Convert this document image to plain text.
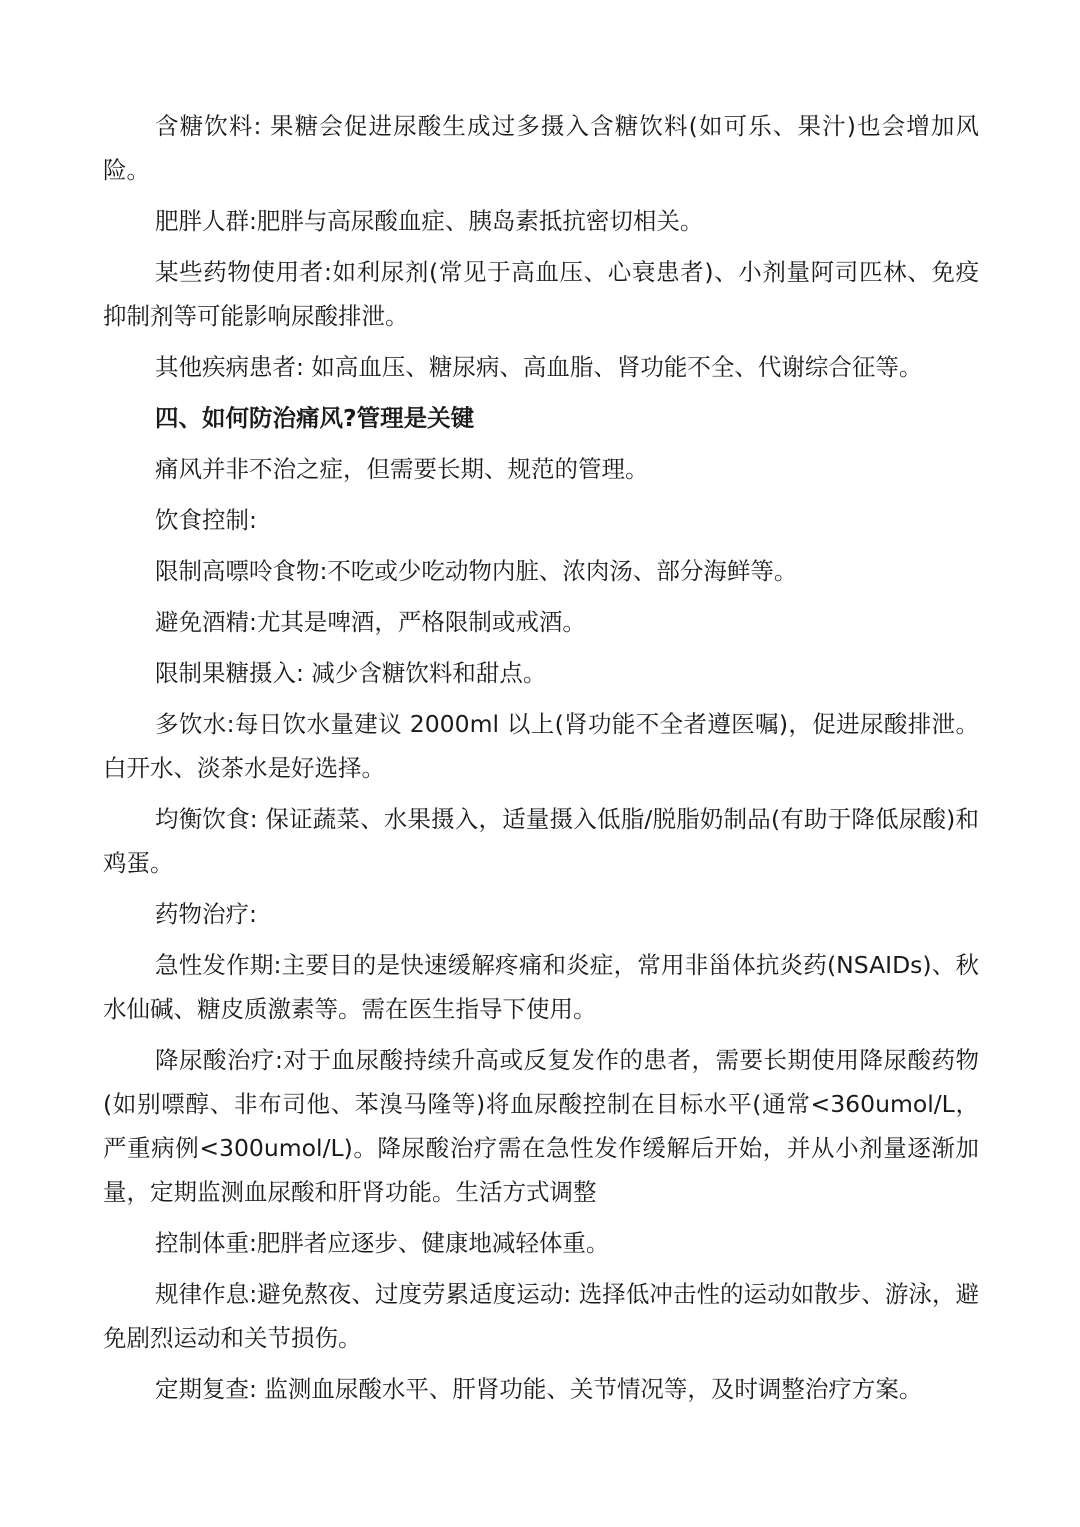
含糖饮料: 果糖会促进尿酸生成过多摄入含糖饮料(如可乐、果汁)也会增加风险。

肥胖人群:肥胖与高尿酸血症、胰岛素抵抗密切相关。

某些药物使用者:如利尿剂(常见于高血压、心衰患者)、小剂量阿司匹林、免疫抑制剂等可能影响尿酸排泄。

其他疾病患者: 如高血压、糖尿病、高血脂、肾功能不全、代谢综合征等。

四、如何防治痛风?管理是关键

痛风并非不治之症，但需要长期、规范的管理。

饮食控制:

限制高嘌呤食物:不吃或少吃动物内脏、浓肉汤、部分海鲜等。

避免酒精:尤其是啤酒，严格限制或戒酒。

限制果糖摄入: 减少含糖饮料和甜点。

多饮水:每日饮水量建议 2000ml 以上(肾功能不全者遵医嘱)，促进尿酸排泄。白开水、淡茶水是好选择。

均衡饮食: 保证蔬菜、水果摄入，适量摄入低脂/脱脂奶制品(有助于降低尿酸)和鸡蛋。

药物治疗:

急性发作期:主要目的是快速缓解疼痛和炎症，常用非甾体抗炎药(NSAIDs)、秋水仙碱、糖皮质激素等。需在医生指导下使用。

降尿酸治疗:对于血尿酸持续升高或反复发作的患者，需要长期使用降尿酸药物(如别嘌醇、非布司他、苯溴马隆等)将血尿酸控制在目标水平(通常<360umol/L，严重病例<300umol/L)。降尿酸治疗需在急性发作缓解后开始，并从小剂量逐渐加量，定期监测血尿酸和肝肾功能。生活方式调整

控制体重:肥胖者应逐步、健康地减轻体重。

规律作息:避免熬夜、过度劳累适度运动: 选择低冲击性的运动如散步、游泳，避免剧烈运动和关节损伤。

定期复查: 监测血尿酸水平、肝肾功能、关节情况等，及时调整治疗方案。
